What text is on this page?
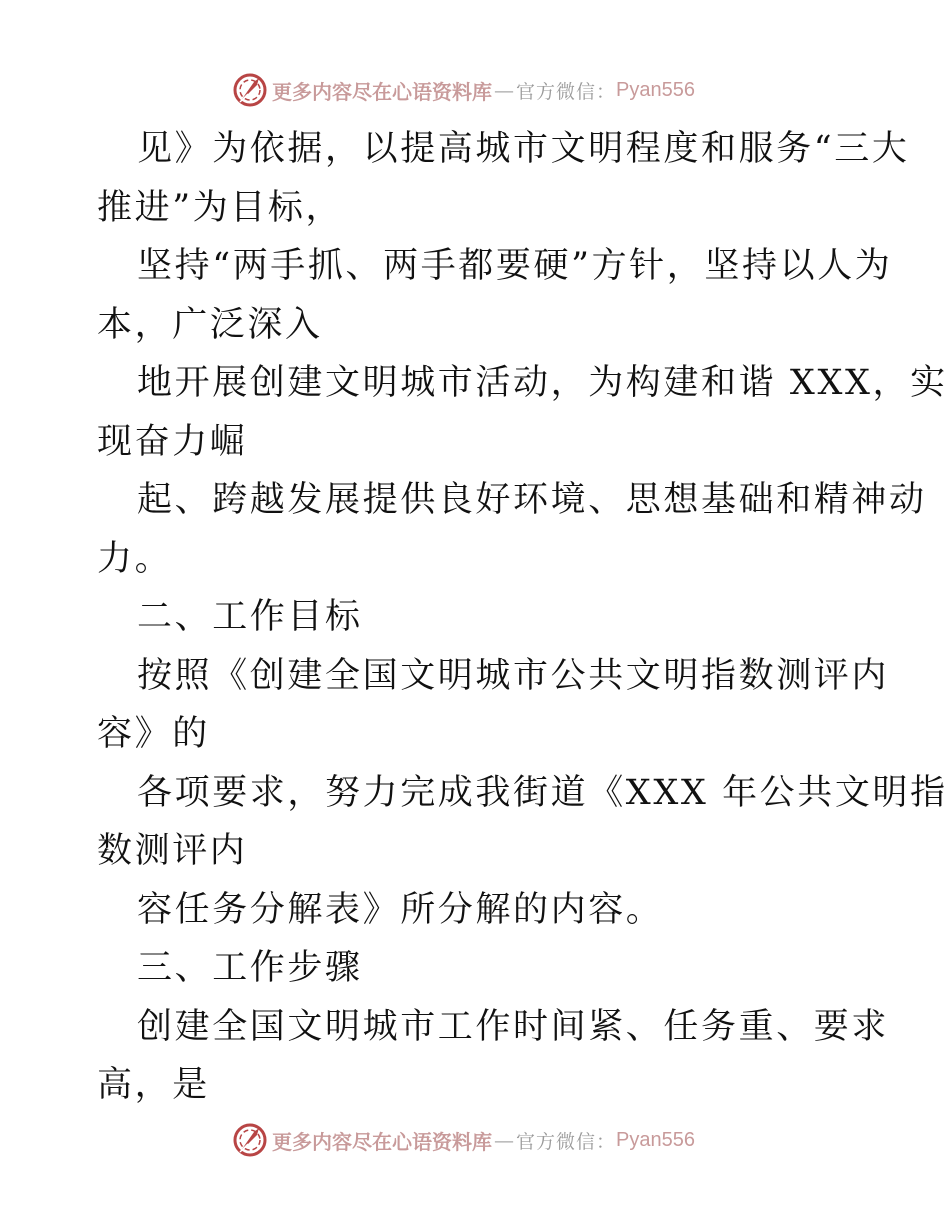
更多内容尽在心语资料库 — 官方微信： Pyan556
见》为依据，以提高城市文明程度和服务“三大
推进”为目标，
坚持“两手抓、两手都要硬”方针，坚持以人为
本，广泛深入
地开展创建文明城市活动，为构建和谐 XXX，实
现奋力崛
起、跨越发展提供良好环境、思想基础和精神动
力。
二、工作目标
按照《创建全国文明城市公共文明指数测评内
容》的
各项要求，努力完成我街道《XXX 年公共文明指
数测评内
容任务分解表》所分解的内容。
三、工作步骤
创建全国文明城市工作时间紧、任务重、要求
高，是
更多内容尽在心语资料库 — 官方微信： Pyan556
